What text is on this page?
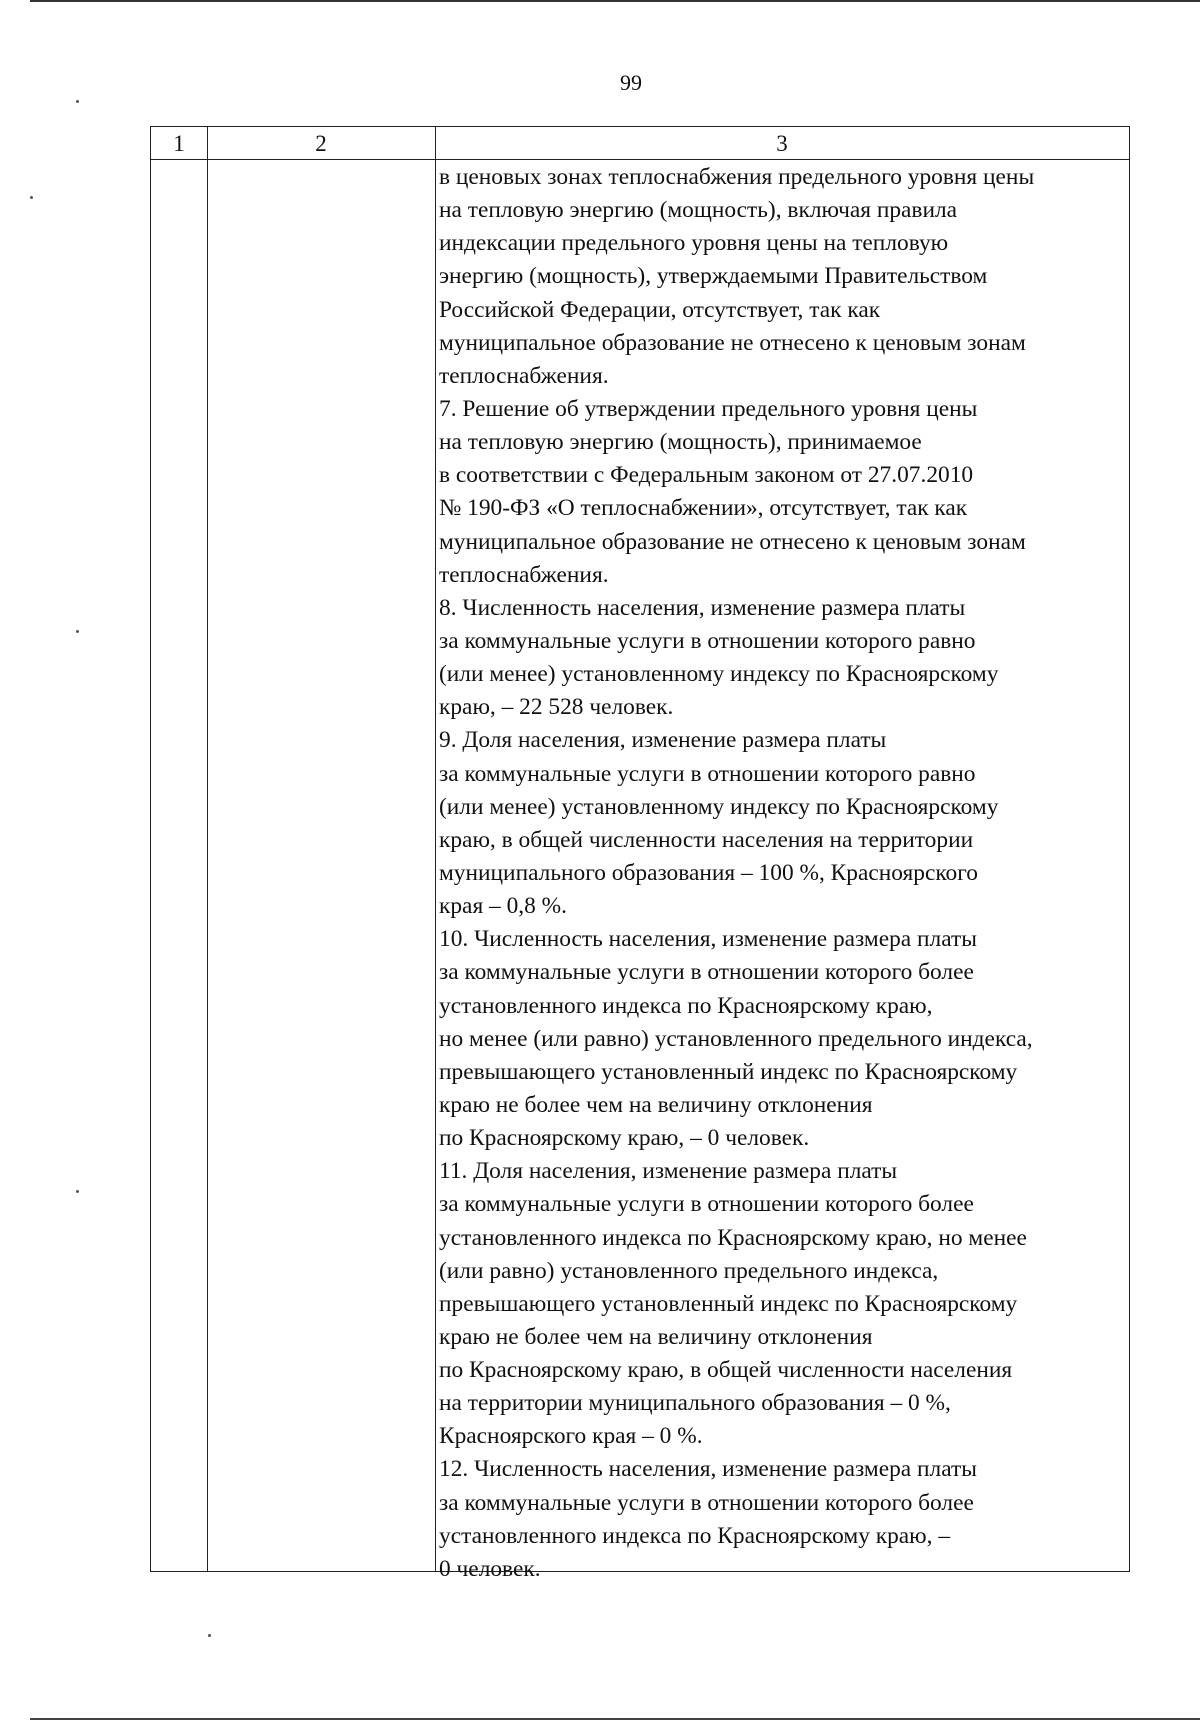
99
1	2	3
в ценовых зонах теплоснабжения предельного уровня цены
на тепловую энергию (мощность), включая правила
индексации предельного уровня цены на тепловую
энергию (мощность), утверждаемыми Правительством
Российской Федерации, отсутствует, так как
муниципальное образование не отнесено к ценовым зонам
теплоснабжения.
7. Решение об утверждении предельного уровня цены
на тепловую энергию (мощность), принимаемое
в соответствии с Федеральным законом от 27.07.2010
№ 190-ФЗ «О теплоснабжении», отсутствует, так как
муниципальное образование не отнесено к ценовым зонам
теплоснабжения.
8. Численность населения, изменение размера платы
за коммунальные услуги в отношении которого равно
(или менее) установленному индексу по Красноярскому
краю, – 22 528 человек.
9. Доля населения, изменение размера платы
за коммунальные услуги в отношении которого равно
(или менее) установленному индексу по Красноярскому
краю, в общей численности населения на территории
муниципального образования – 100 %, Красноярского
края – 0,8 %.
10. Численность населения, изменение размера платы
за коммунальные услуги в отношении которого более
установленного индекса по Красноярскому краю,
но менее (или равно) установленного предельного индекса,
превышающего установленный индекс по Красноярскому
краю не более чем на величину отклонения
по Красноярскому краю, – 0 человек.
11. Доля населения, изменение размера платы
за коммунальные услуги в отношении которого более
установленного индекса по Красноярскому краю, но менее
(или равно) установленного предельного индекса,
превышающего установленный индекс по Красноярскому
краю не более чем на величину отклонения
по Красноярскому краю, в общей численности населения
на территории муниципального образования – 0 %,
Красноярского края – 0 %.
12. Численность населения, изменение размера платы
за коммунальные услуги в отношении которого более
установленного индекса по Красноярскому краю, –
0 человек.
